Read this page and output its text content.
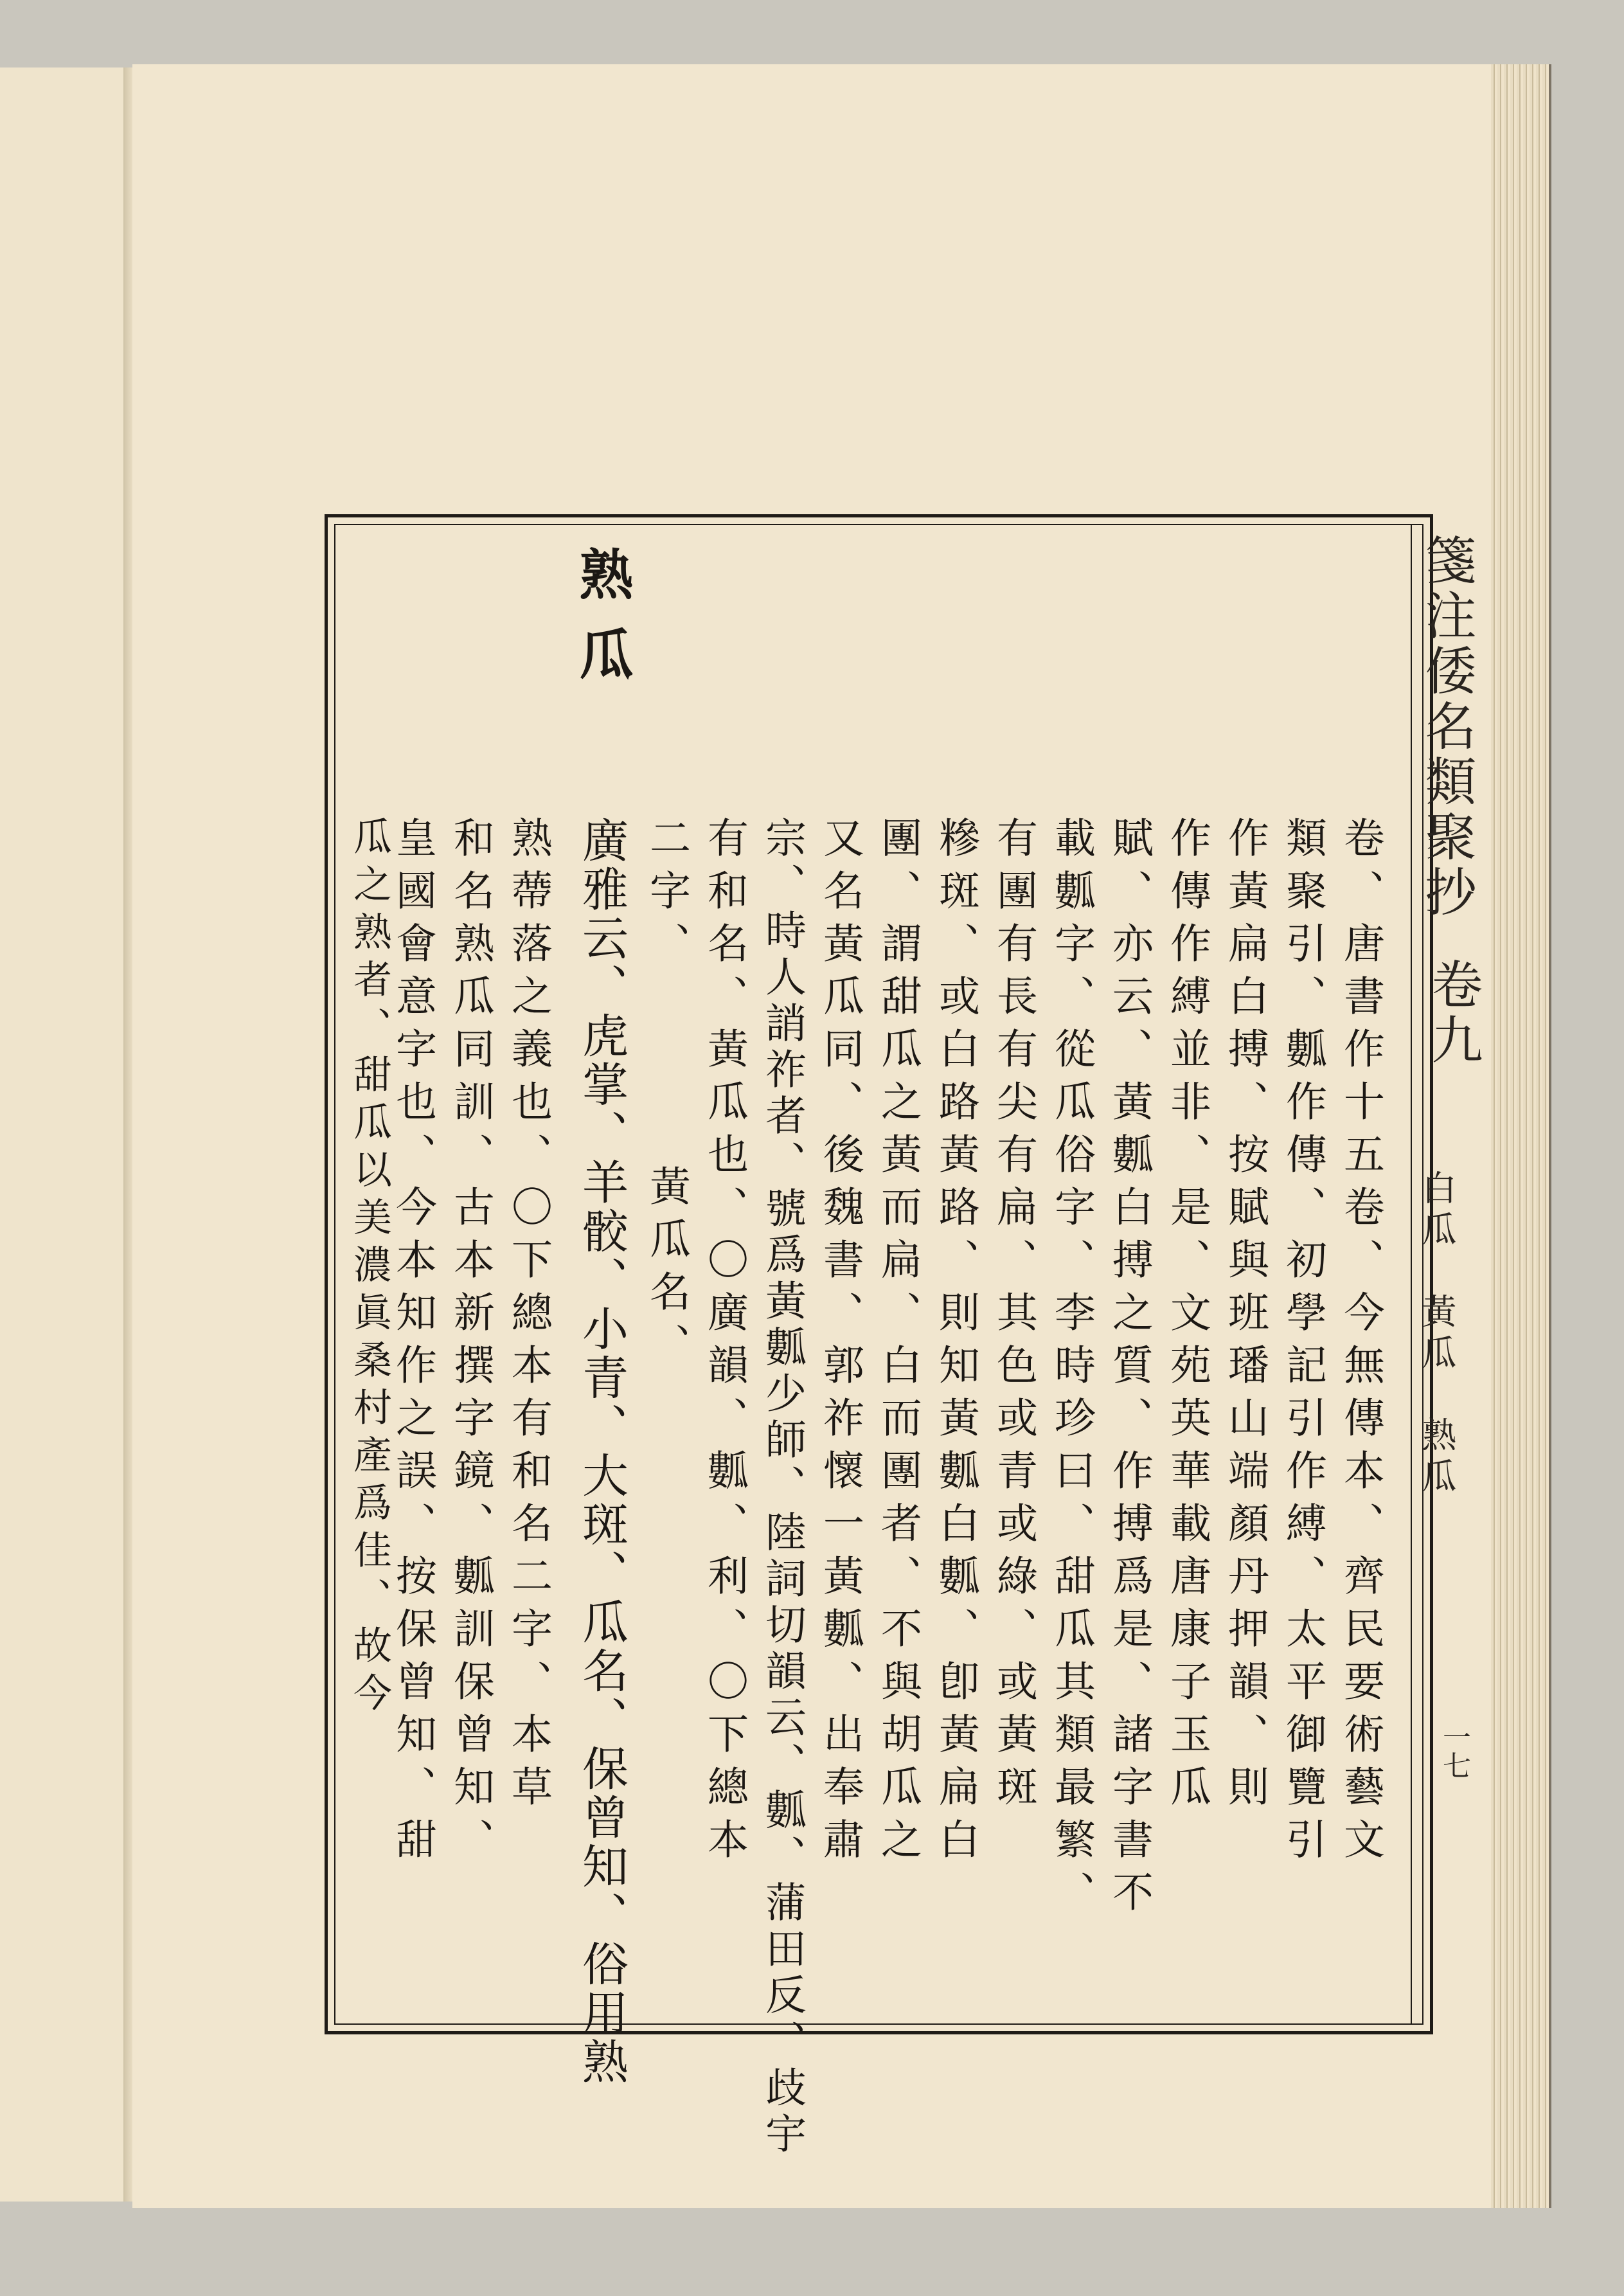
箋注倭名類聚抄
卷九
白瓜　黃瓜　熟瓜
一七
熟瓜
卷、唐書作十五卷、今無傳本、齊民要術藝文
類聚引、𤬏作傳、初學記引作縛、太平御覽引
作黃扁白搏、按賦與班璠山端顏丹押韻、則
作傳作縛並非、是、文苑英華載唐康子玉瓜
賦、亦云、黃𤬏白搏之質、作搏爲是、諸字書不
載𤬏字、從瓜俗字、李時珍曰、甜瓜其類最繁、
有團有長有尖有扁、其色或青或綠、或黃斑
糝斑、或白路黃路、則知黃𤬏白𤬏、卽黃扁白
團、謂甜瓜之黃而扁、白而團者、不與胡瓜之
又名黃瓜同、後魏書、郭祚懷一黃𤬏、出奉肅
宗、時人誚祚者、號爲黃𤬏少師、陸詞切韻云、𤬏、蒲田反、歧宇
有和名、黃瓜也、〇廣韻、𤬏、利、〇下總本
二字、　　　　黃瓜名、
廣雅云、虎掌、羊骹、小青、大斑、瓜名、保曾知、俗用熟
熟蔕落之義也、〇下總本有和名二字、本草
和名熟瓜同訓、古本新撰字鏡、𤬏訓保曾知、
皇國會意字也、今本知作之誤、按保曾知、甜
瓜之熟者、甜瓜以美濃眞桑村產爲佳、故今
